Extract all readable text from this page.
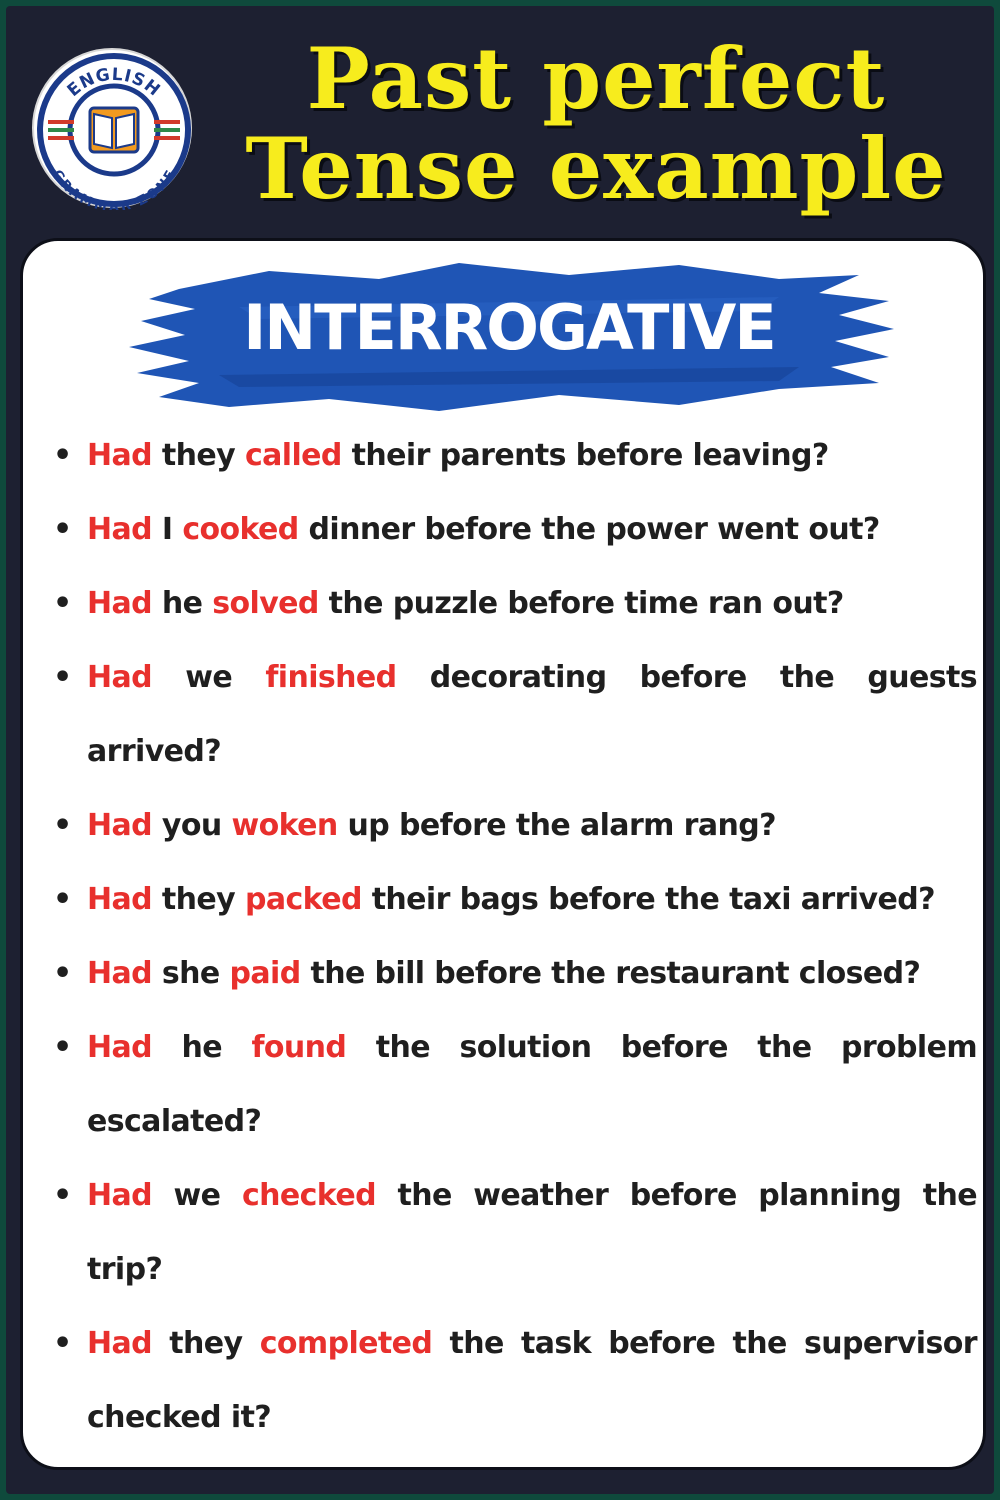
ENGLISH
GRAMMAR ZONE
Past perfect
Tense example
INTERROGATIVE
• Had they called their parents before leaving?
• Had I cooked dinner before the power went out?
• Had he solved the puzzle before time ran out?
• Had we finished decorating before the guests arrived?
• Had you woken up before the alarm rang?
• Had they packed their bags before the taxi arrived?
• Had she paid the bill before the restaurant closed?
• Had he found the solution before the problem escalated?
• Had we checked the weather before planning the trip?
• Had they completed the task before the supervisor checked it?
